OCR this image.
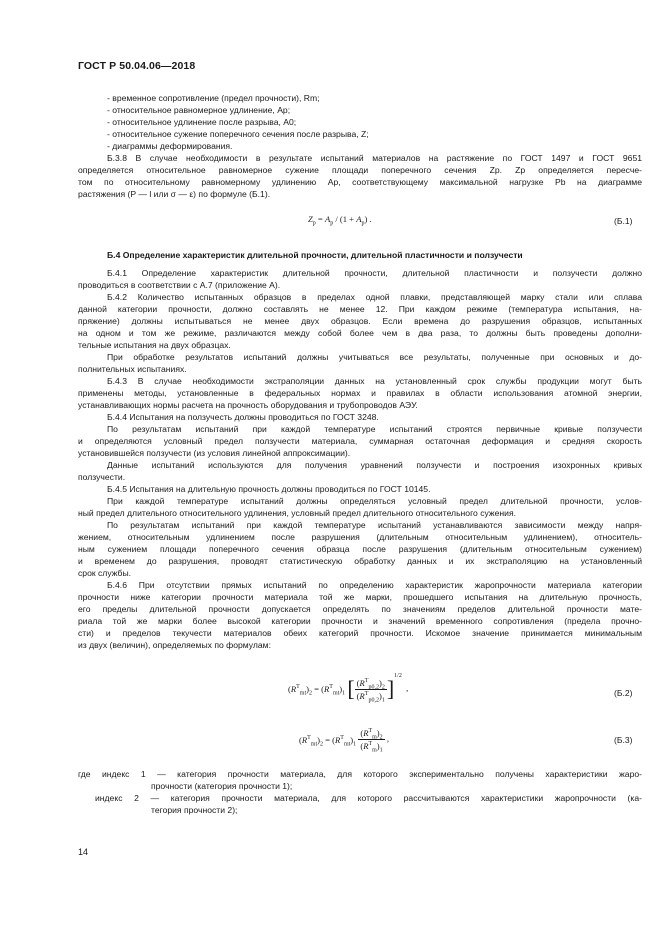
ГОСТ Р 50.04.06—2018
- временное сопротивление (предел прочности), Rm;
- относительное равномерное удлинение, Ap;
- относительное удлинение после разрыва, A0;
- относительное сужение поперечного сечения после разрыва, Z;
- диаграммы деформирования.
Б.3.8 В случае необходимости в результате испытаний материалов на растяжение по ГОСТ 1497 и ГОСТ 9651
определяется относительное равномерное сужение площади поперечного сечения Zp. Zp определяется пересче-
том по относительному равномерному удлинению Ap, соответствующему максимальной нагрузке Pb на диаграмме
растяжения (P — l или σ — ε) по формуле (Б.1).
Б.4 Определение характеристик длительной прочности, длительной пластичности и ползучести
Б.4.1 Определение характеристик длительной прочности, длительной пластичности и ползучести должно
проводиться в соответствии с А.7 (приложение А).
Б.4.2 Количество испытанных образцов в пределах одной плавки, представляющей марку стали или сплава
данной категории прочности, должно составлять не менее 12. При каждом режиме (температура испытания, на-
пряжение) должны испытываться не менее двух образцов. Если времена до разрушения образцов, испытанных
на одном и том же режиме, различаются между собой более чем в два раза, то должны быть проведены дополни-
тельные испытания на двух образцах.
При обработке результатов испытаний должны учитываться все результаты, полученные при основных и до-
полнительных испытаниях.
Б.4.3 В случае необходимости экстраполяции данных на установленный срок службы продукции могут быть
применены методы, установленные в федеральных нормах и правилах в области использования атомной энергии,
устанавливающих нормы расчета на прочность оборудования и трубопроводов АЭУ.
Б.4.4 Испытания на ползучесть должны проводиться по ГОСТ 3248.
По результатам испытаний при каждой температуре испытаний строятся первичные кривые ползучести
и определяются условный предел ползучести материала, суммарная остаточная деформация и средняя скорость
установившейся ползучести (из условия линейной аппроксимации).
Данные испытаний используются для получения уравнений ползучести и построения изохронных кривых
ползучести.
Б.4.5 Испытания на длительную прочность должны проводиться по ГОСТ 10145.
При каждой температуре испытаний должны определяться условный предел длительной прочности, услов-
ный предел длительного относительного удлинения, условный предел длительного относительного сужения.
По результатам испытаний при каждой температуре испытаний устанавливаются зависимости между напря-
жением, относительным удлинением после разрушения (длительным относительным удлинением), относитель-
ным сужением площади поперечного сечения образца после разрушения (длительным относительным сужением)
и временем до разрушения, проводят статистическую обработку данных и их экстраполяцию на установленный
срок службы.
Б.4.6 При отсутствии прямых испытаний по определению характеристик жаропрочности материала категории
прочности ниже категории прочности материала той же марки, прошедшего испытания на длительную прочность,
его пределы длительной прочности допускается определять по значениям пределов длительной прочности мате-
риала той же марки более высокой категории прочности и значений временного сопротивления (предела прочно-
сти) и пределов текучести материалов обеих категорий прочности. Искомое значение принимается минимальным
из двух (величин), определяемых по формулам:
где индекс 1 — категория прочности материала, для которого экспериментально получены характеристики жаро-
прочности (категория прочности 1);
индекс 2 — категория прочности материала, для которого рассчитываются характеристики жаропрочности (ка-
тегория прочности 2);
$Z_p = A_p / (1 + A_p)$ .	(Б.1)
$(R^T_{mt})_2 = (R^T_{mt})_1$ [ $\frac{(R^T_{p0,2})_2}{(R^T_{p0,2})_1} ]^{1/2}$  ,	(Б.2)
$(R^T_{mt})_2 = (R^T_{mt})_1 \frac{(R^T_m)_2}{(R^T_m)_1}$ ,	(Б.3)
14
